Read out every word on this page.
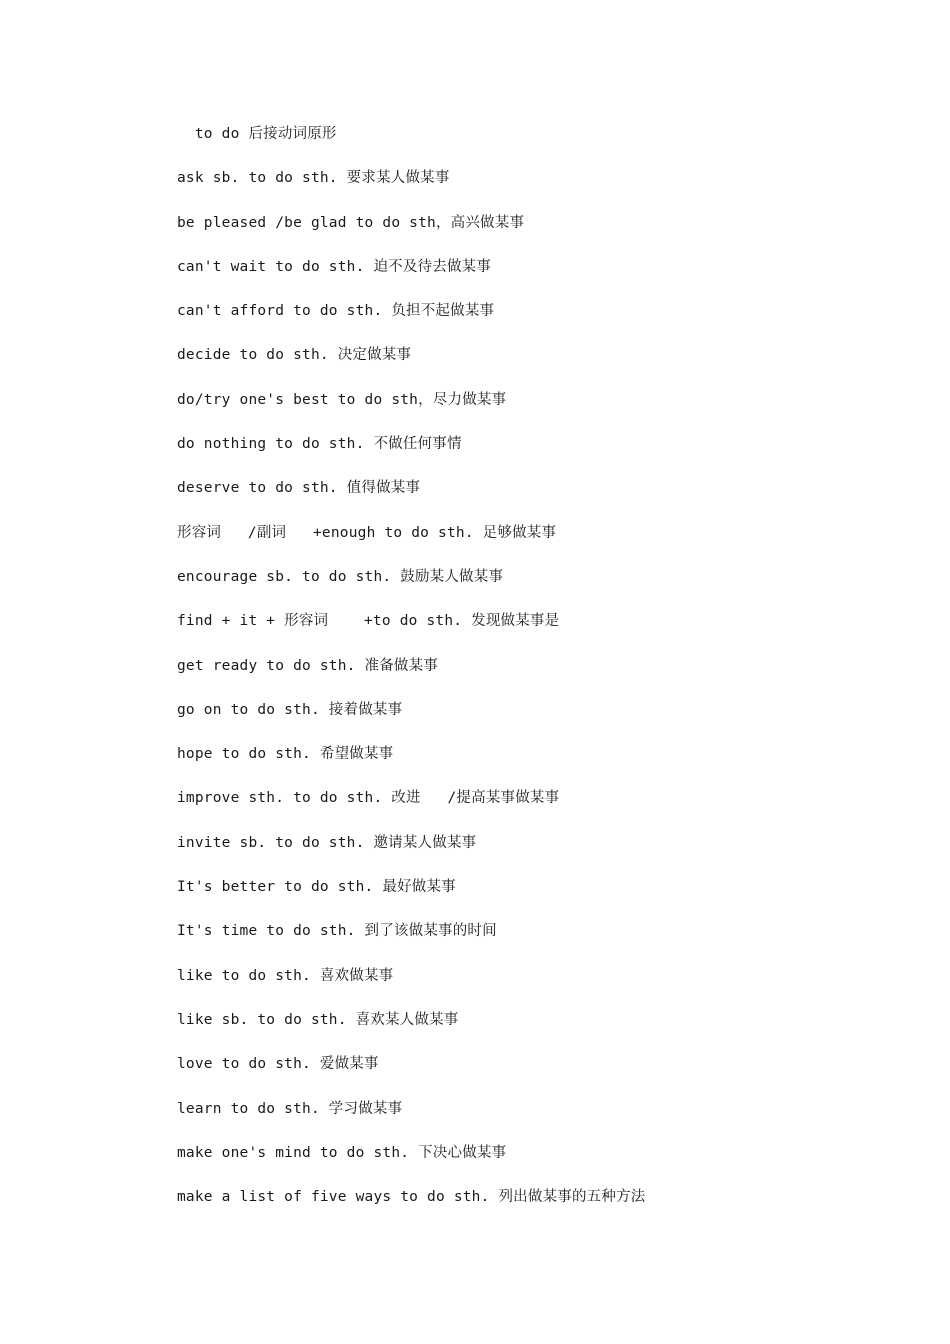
to do 后接动词原形
ask sb. to do sth. 要求某人做某事
be pleased /be glad to do sth，高兴做某事
can't wait to do sth. 迫不及待去做某事
can't afford to do sth. 负担不起做某事
decide to do sth. 决定做某事
do/try one's best to do sth，尽力做某事
do nothing to do sth. 不做任何事情
deserve to do sth. 值得做某事
形容词   /副词   +enough to do sth. 足够做某事
encourage sb. to do sth. 鼓励某人做某事
find + it + 形容词    +to do sth. 发现做某事是
get ready to do sth. 准备做某事
go on to do sth. 接着做某事
hope to do sth. 希望做某事
improve sth. to do sth. 改进   /提高某事做某事
invite sb. to do sth. 邀请某人做某事
It's better to do sth. 最好做某事
It's time to do sth. 到了该做某事的时间
like to do sth. 喜欢做某事
like sb. to do sth. 喜欢某人做某事
love to do sth. 爱做某事
learn to do sth. 学习做某事
make one's mind to do sth. 下决心做某事
make a list of five ways to do sth. 列出做某事的五种方法
